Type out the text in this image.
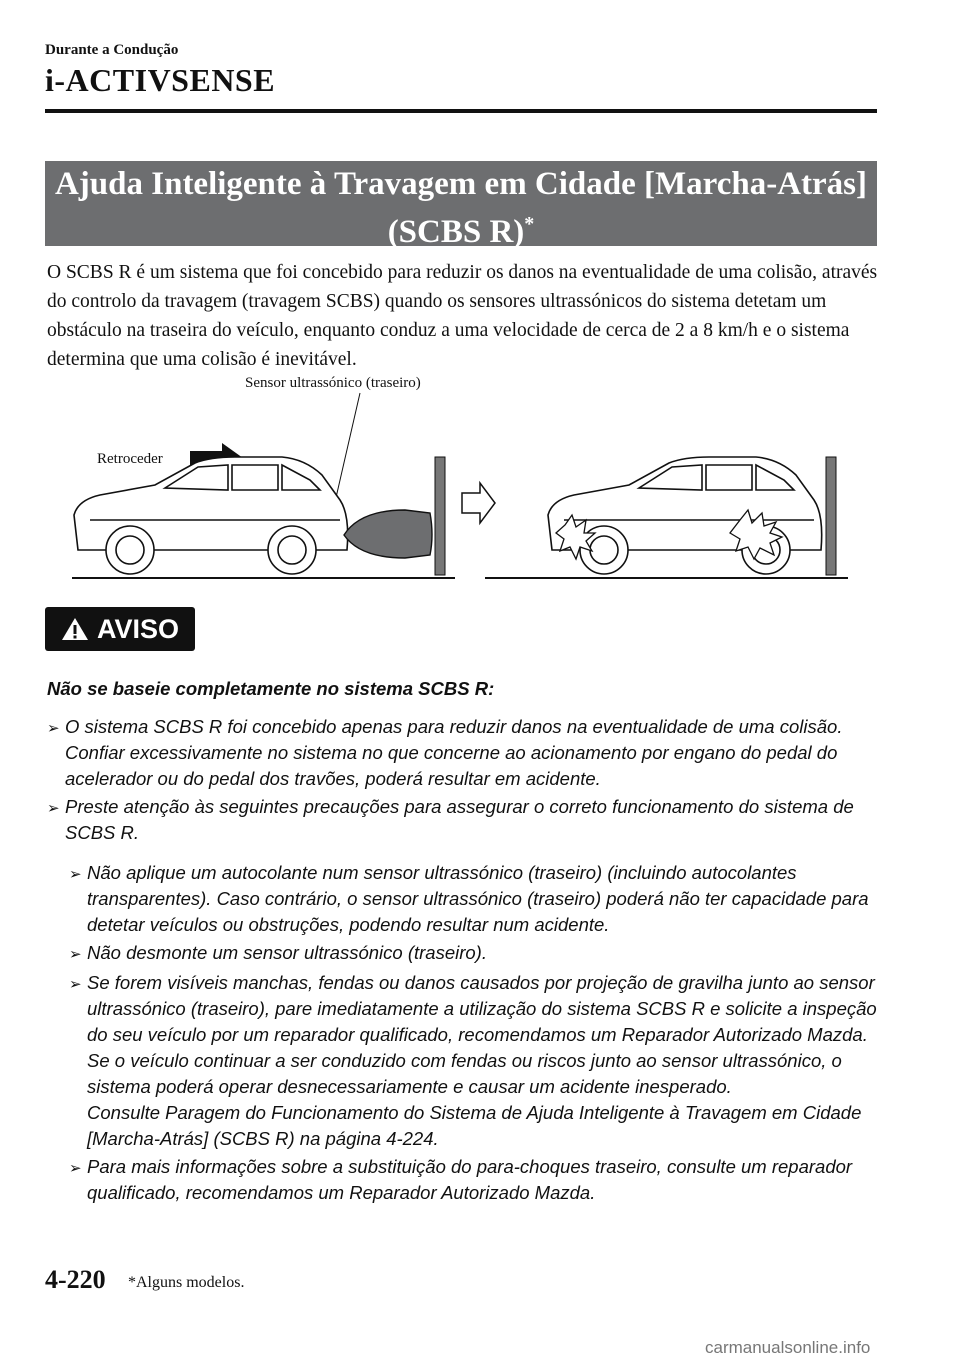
Durante a Condução
i-ACTIVSENSE
Ajuda Inteligente à Travagem em Cidade [Marcha-Atrás]
(SCBS R)*
O SCBS R é um sistema que foi concebido para reduzir os danos na eventualidade de uma colisão, através do controlo da travagem (travagem SCBS) quando os sensores ultrassónicos do sistema detetam um obstáculo na traseira do veículo, enquanto conduz a uma velocidade de cerca de 2 a 8 km/h e o sistema determina que uma colisão é inevitável.
Sensor ultrassónico (traseiro)
Retroceder
AVISO
Não se baseie completamente no sistema SCBS R:
➢ O sistema SCBS R foi concebido apenas para reduzir danos na eventualidade de uma colisão. Confiar excessivamente no sistema no que concerne ao acionamento por engano do pedal do acelerador ou do pedal dos travões, poderá resultar em acidente.
➢ Preste atenção às seguintes precauções para assegurar o correto funcionamento do sistema de SCBS R.
➢ Não aplique um autocolante num sensor ultrassónico (traseiro) (incluindo autocolantes transparentes). Caso contrário, o sensor ultrassónico (traseiro) poderá não ter capacidade para detetar veículos ou obstruções, podendo resultar num acidente.
➢ Não desmonte um sensor ultrassónico (traseiro).
➢ Se forem visíveis manchas, fendas ou danos causados por projeção de gravilha junto ao sensor ultrassónico (traseiro), pare imediatamente a utilização do sistema SCBS R e solicite a inspeção do seu veículo por um reparador qualificado, recomendamos um Reparador Autorizado Mazda. Se o veículo continuar a ser conduzido com fendas ou riscos junto ao sensor ultrassónico, o sistema poderá operar desnecessariamente e causar um acidente inesperado.
Consulte Paragem do Funcionamento do Sistema de Ajuda Inteligente à Travagem em Cidade [Marcha-Atrás] (SCBS R) na página 4-224.
➢ Para mais informações sobre a substituição do para-choques traseiro, consulte um reparador qualificado, recomendamos um Reparador Autorizado Mazda.
4-220 *Alguns modelos.
carmanualsonline.info
